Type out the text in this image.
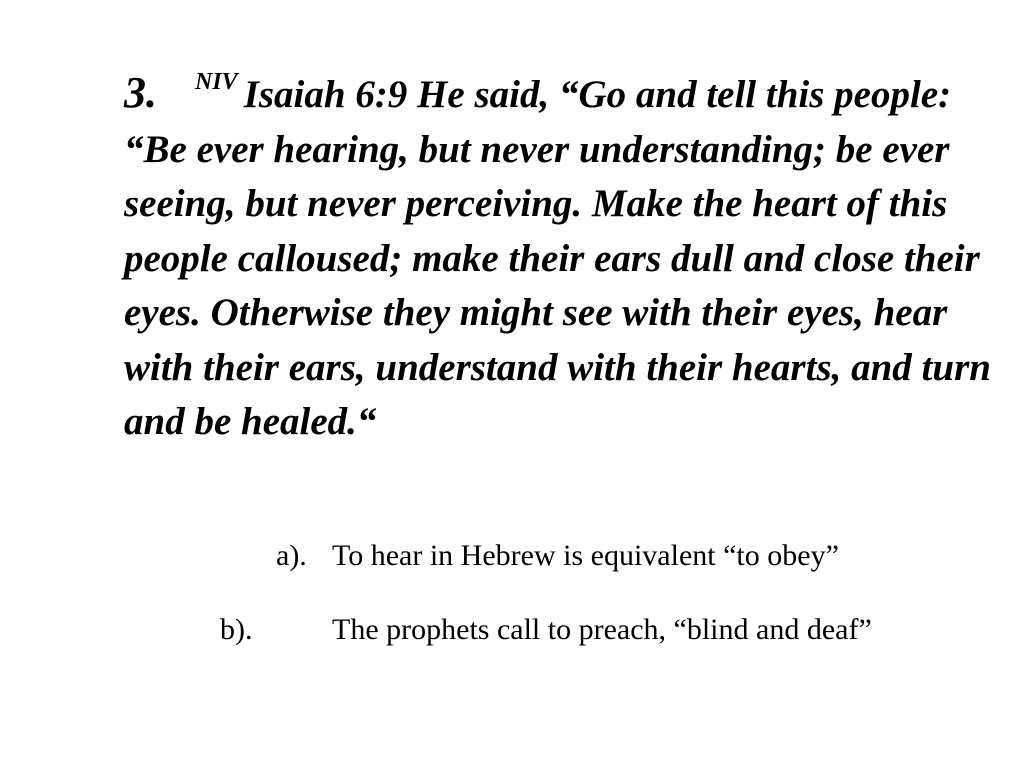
3. $^{NIV}$ Isaiah 6:9 He said, “Go and tell this people: “Be ever hearing, but never understanding; be ever seeing, but never perceiving. Make the heart of this people calloused; make their ears dull and close their eyes. Otherwise they might see with their eyes, hear with their ears, understand with their hearts, and turn and be healed.“

a). To hear in Hebrew is equivalent “to obey”

b).	The prophets call to preach, “blind and deaf”
